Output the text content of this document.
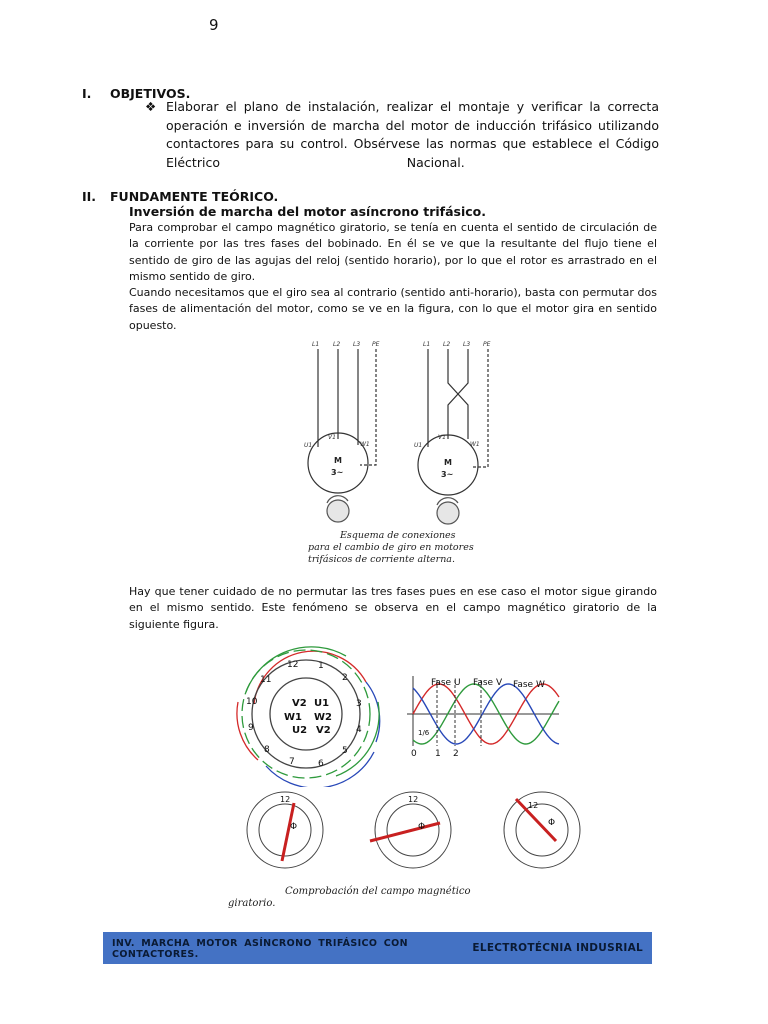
9
I. OBJETIVOS.
❖ Elaborar el plano de instalación, realizar el montaje y verificar la correcta

operación e inversión de marcha del motor de inducción trifásico utilizando

contactores para su control. Obsérvese las normas que establece el Código

Eléctrico                                               Nacional.

II. FUNDAMENTE TEÓRICO.
Inversión de marcha del motor asíncrono trifásico.

Para comprobar el campo magnético giratorio, se tenía en cuenta el sentido de circulación de la corriente por las tres fases del bobinado. En él se ve que la resultante del flujo tiene el sentido de giro de las agujas del reloj (sentido horario), por lo que el rotor es arrastrado en el mismo sentido de giro.

Cuando necesitamos que el giro sea al contrario (sentido anti-horario), basta con permutar dos fases de alimentación del motor, como se ve en la figura, con lo que el motor gira en sentido opuesto.

L1 L2 L3 PE
U1
V1
W1
L1 L2 L3 PE
U1
V1
W1
M
3~
M
3~
Esquema de conexiones
para el cambio de giro en motores
trifásicos de corriente alterna.

Hay que tener cuidado de no permutar las tres fases pues en ese caso el motor sigue girando en el mismo sentido. Este fenómeno se observa en el campo magnético giratorio de la siguiente figura.

12 1
2
3
4
5
6
7
8
9
10
11
V2 U1
W1 W2
U2 V2
Fase U Fase V Fase W
1/6
0 1 2
Φ	Φ	Φ
12	12
12
Comprobación del campo magnético
giratorio.
INV. MARCHA MOTOR ASÍNCRONO TRIFÁSICO CON CONTACTORES.
ELECTROTÉCNIA INDUSRIAL
